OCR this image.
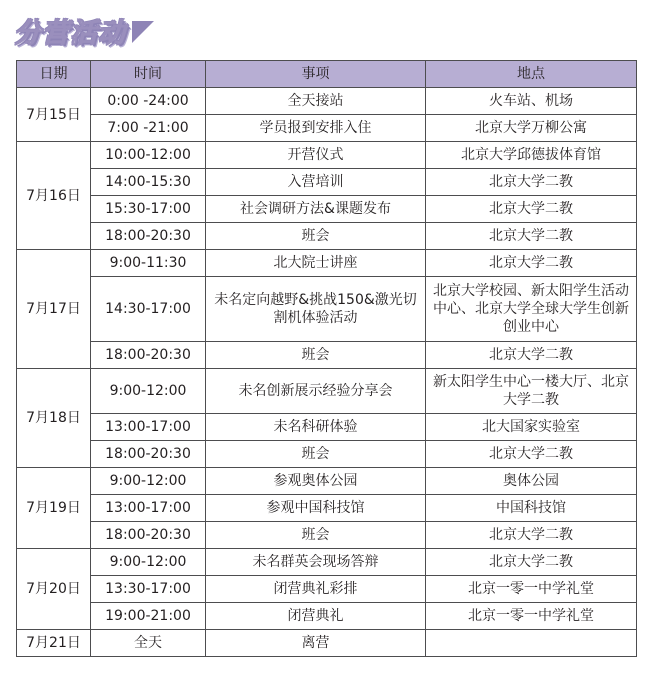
分营活动
日期	时间	事项	地点
7月15日	0:00 -24:00	全天接站	火车站、机场
	7:00 -21:00	学员报到安排入住	北京大学万柳公寓
7月16日	10:00-12:00	开营仪式	北京大学邱德拔体育馆
	14:00-15:30	入营培训	北京大学二教
	15:30-17:00	社会调研方法&课题发布	北京大学二教
	18:00-20:30	班会	北京大学二教
7月17日	9:00-11:30	北大院士讲座	北京大学二教
	14:30-17:00	未名定向越野&挑战150&激光切割机体验活动	北京大学校园、新太阳学生活动中心、北京大学全球大学生创新创业中心
	18:00-20:30	班会	北京大学二教
7月18日	9:00-12:00	未名创新展示经验分享会	新太阳学生中心一楼大厅、北京大学二教
	13:00-17:00	未名科研体验	北大国家实验室
	18:00-20:30	班会	北京大学二教
7月19日	9:00-12:00	参观奥体公园	奥体公园
	13:00-17:00	参观中国科技馆	中国科技馆
	18:00-20:30	班会	北京大学二教
7月20日	9:00-12:00	未名群英会现场答辩	北京大学二教
	13:30-17:00	闭营典礼彩排	北京一零一中学礼堂
	19:00-21:00	闭营典礼	北京一零一中学礼堂
7月21日	全天	离营	
